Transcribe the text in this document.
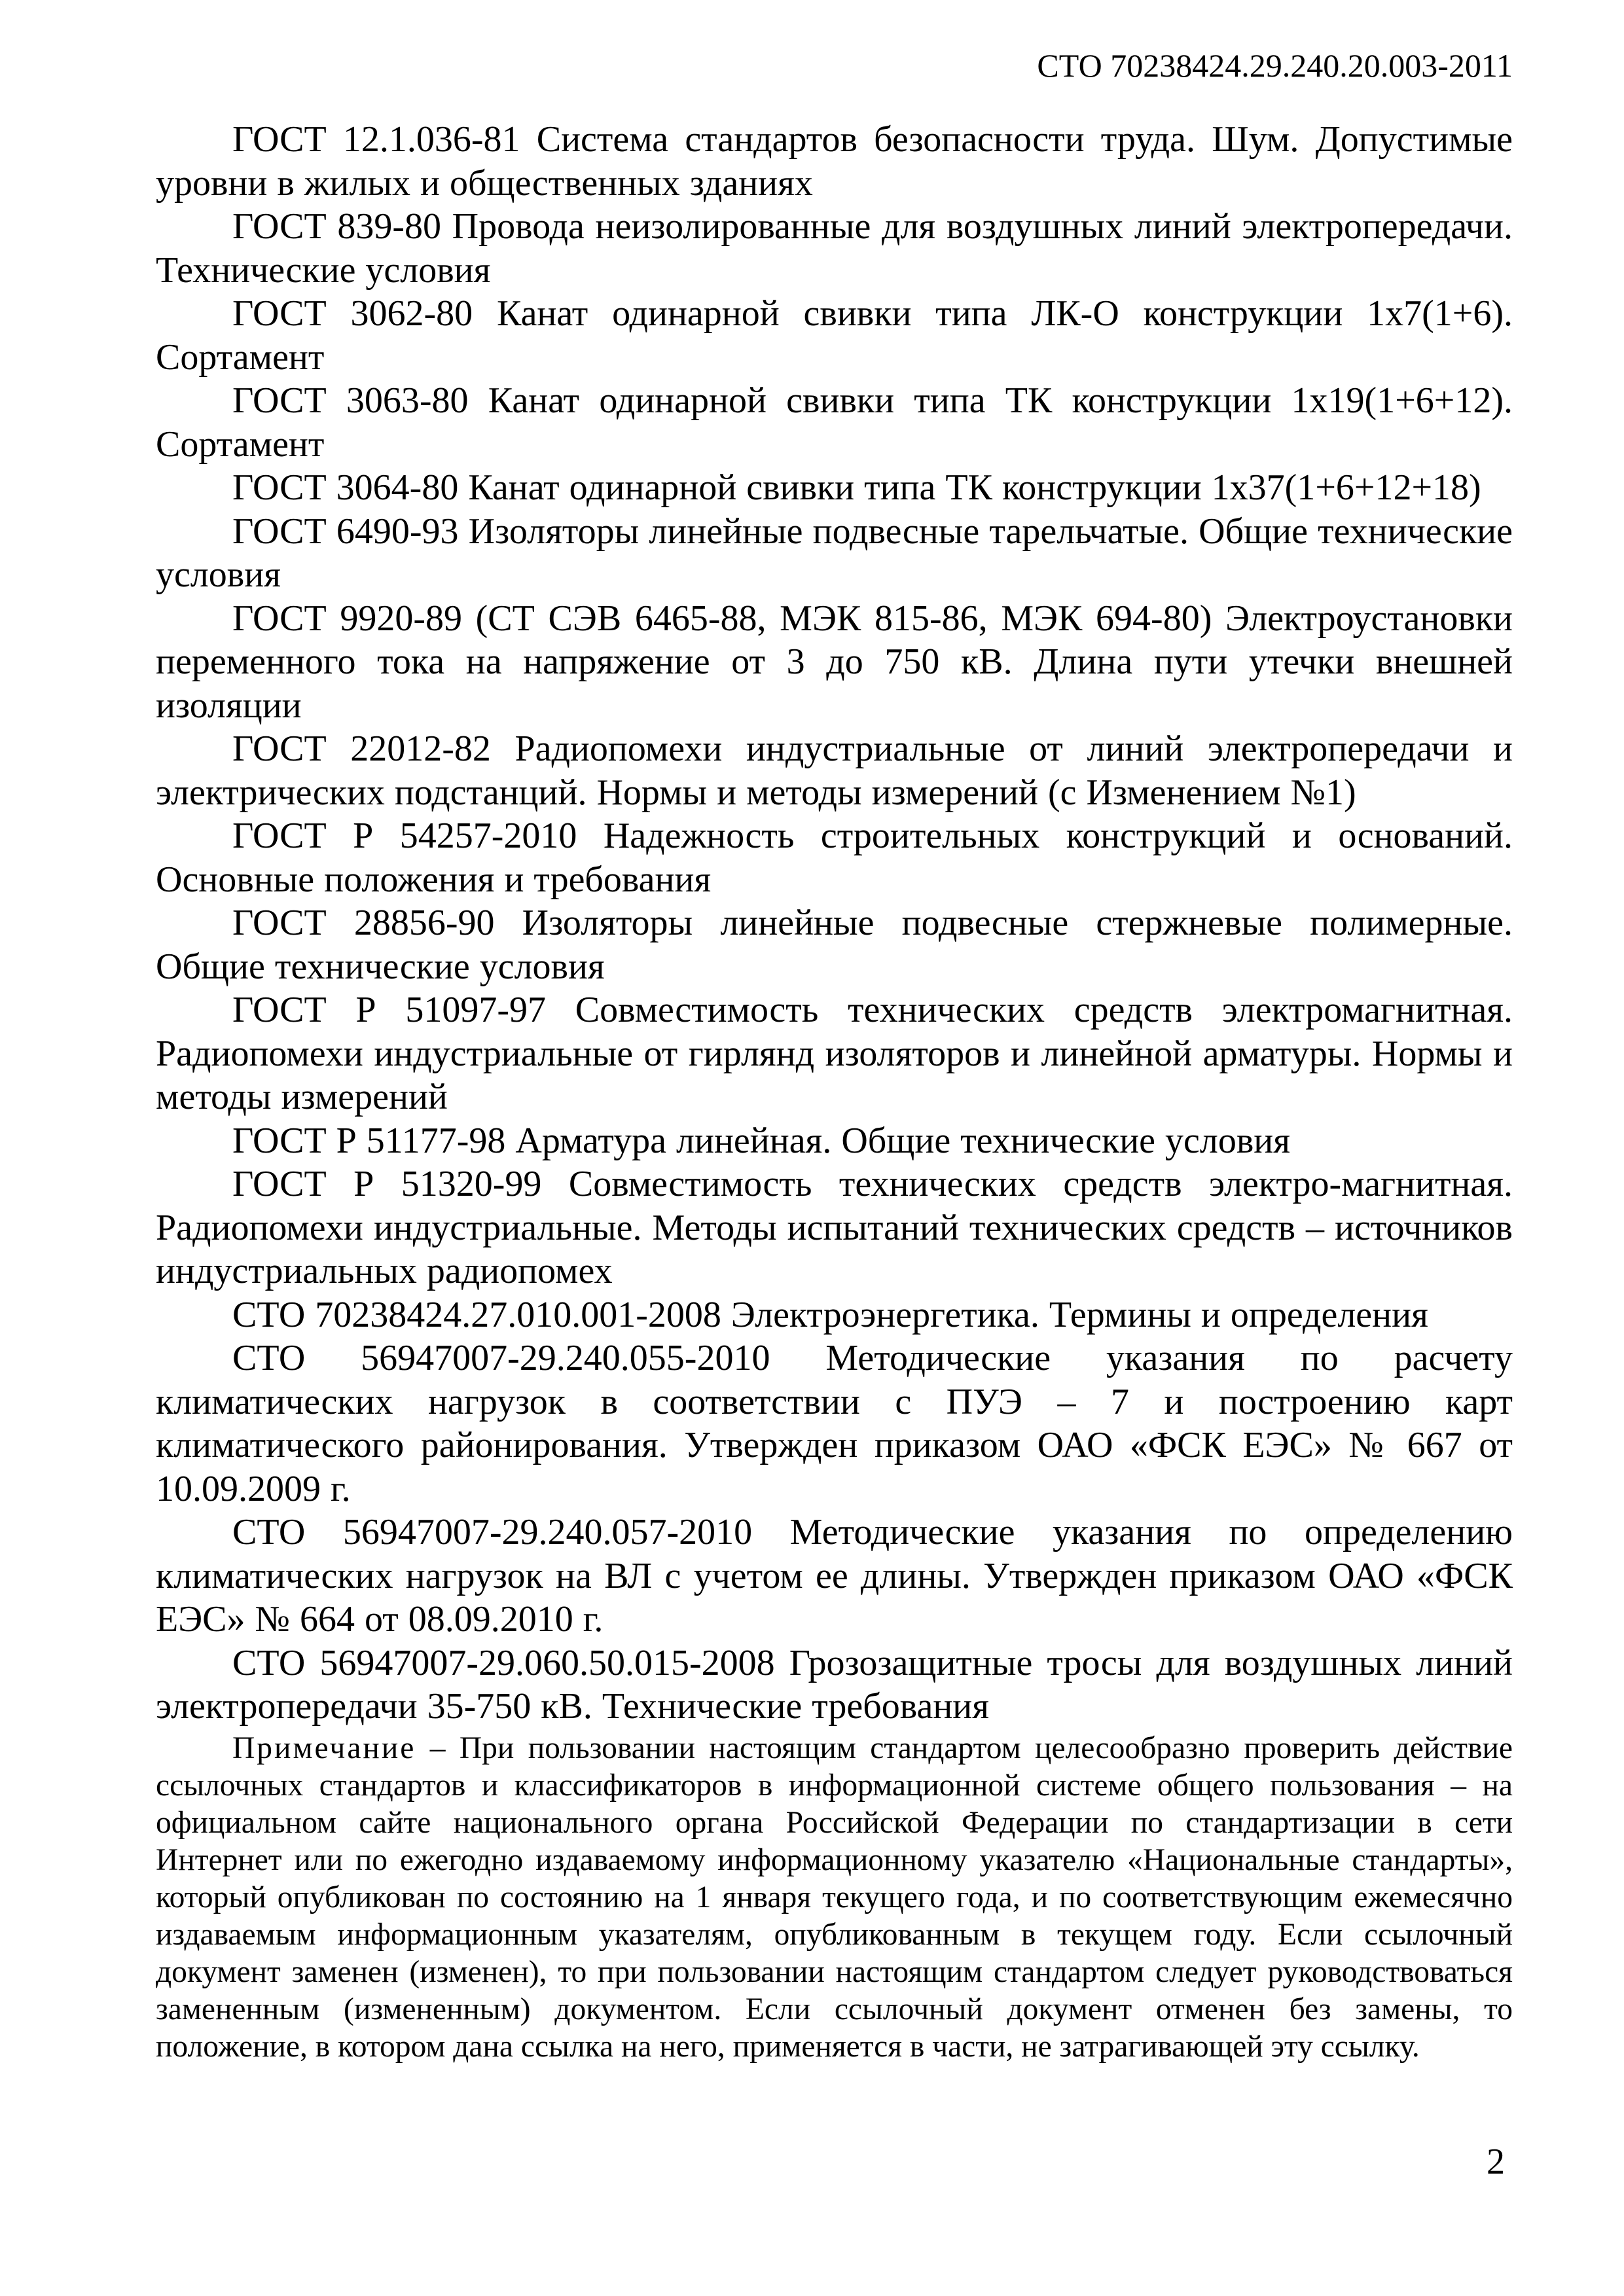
СТО 70238424.29.240.20.003-2011

ГОСТ 12.1.036-81 Система стандартов безопасности труда. Шум. Допустимые уровни в жилых и общественных зданиях

ГОСТ 839-80 Провода неизолированные для воздушных линий электропередачи. Технические условия

ГОСТ 3062-80 Канат одинарной свивки типа ЛК-О конструкции 1х7(1+6). Сортамент

ГОСТ 3063-80 Канат одинарной свивки типа ТК конструкции 1х19(1+6+12). Сортамент

ГОСТ 3064-80 Канат одинарной свивки типа ТК конструкции 1х37(1+6+12+18)

ГОСТ 6490-93 Изоляторы линейные подвесные тарельчатые. Общие технические условия

ГОСТ 9920-89 (СТ СЭВ 6465-88, МЭК 815-86, МЭК 694-80) Электроустановки переменного тока на напряжение от 3 до 750 кВ. Длина пути утечки внешней изоляции

ГОСТ 22012-82 Радиопомехи индустриальные от линий электропередачи и электрических подстанций. Нормы и методы измерений (с Изменением №1)

ГОСТ Р 54257-2010 Надежность строительных конструкций и оснований. Основные положения и требования

ГОСТ 28856-90 Изоляторы линейные подвесные стержневые полимерные. Общие технические условия

ГОСТ Р 51097-97 Совместимость технических средств электромагнитная. Радиопомехи индустриальные от гирлянд изоляторов и линейной арматуры. Нормы и методы измерений

ГОСТ Р 51177-98 Арматура линейная. Общие технические условия

ГОСТ Р 51320-99 Совместимость технических средств электро-магнитная. Радиопомехи индустриальные. Методы испытаний технических средств – источников индустриальных радиопомех

СТО 70238424.27.010.001-2008 Электроэнергетика. Термины и определения

СТО 56947007-29.240.055-2010 Методические указания по расчету климатических нагрузок в соответствии с ПУЭ – 7 и построению карт климатического районирования. Утвержден приказом ОАО «ФСК ЕЭС» № 667 от 10.09.2009 г.

СТО 56947007-29.240.057-2010 Методические указания по определению климатических нагрузок на ВЛ с учетом ее длины. Утвержден приказом ОАО «ФСК ЕЭС» № 664 от 08.09.2010 г.

СТО 56947007-29.060.50.015-2008 Грозозащитные тросы для воздушных линий электропередачи 35-750 кВ. Технические требования

Примечание – При пользовании настоящим стандартом целесообразно проверить действие ссылочных стандартов и классификаторов в информационной системе общего пользования – на официальном сайте национального органа Российской Федерации по стандартизации в сети Интернет или по ежегодно издаваемому информационному указателю «Национальные стандарты», который опубликован по состоянию на 1 января текущего года, и по соответствующим ежемесячно издаваемым информационным указателям, опубликованным в текущем году. Если ссылочный документ заменен (изменен), то при пользовании настоящим стандартом следует руководствоваться замененным (измененным) документом. Если ссылочный документ отменен без замены, то положение, в котором дана ссылка на него, применяется в части, не затрагивающей эту ссылку.

2
